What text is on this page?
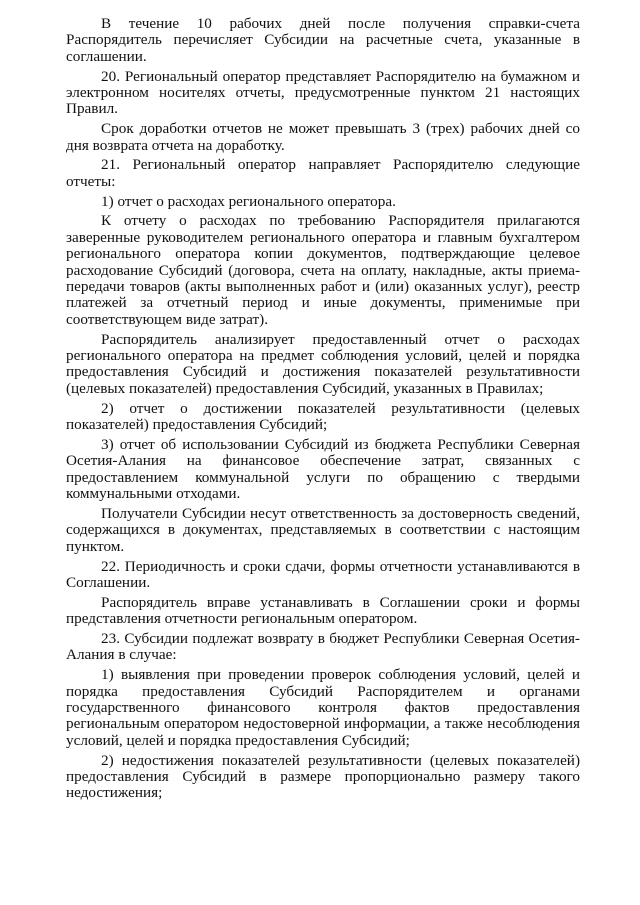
В течение 10 рабочих дней после получения справки-счета Распорядитель перечисляет Субсидии на расчетные счета, указанные в соглашении.

20. Региональный оператор представляет Распорядителю на бумажном и электронном носителях отчеты, предусмотренные пунктом 21 настоящих Правил.

Срок доработки отчетов не может превышать 3 (трех) рабочих дней со дня возврата отчета на доработку.

21. Региональный оператор направляет Распорядителю следующие отчеты:

1) отчет о расходах регионального оператора.

К отчету о расходах по требованию Распорядителя прилагаются заверенные руководителем регионального оператора и главным бухгалтером регионального оператора копии документов, подтверждающие целевое расходование Субсидий (договора, счета на оплату, накладные, акты приема-передачи товаров (акты выполненных работ и (или) оказанных услуг), реестр платежей за отчетный период и иные документы, применимые при соответствующем виде затрат).

Распорядитель анализирует предоставленный отчет о расходах регионального оператора на предмет соблюдения условий, целей и порядка предоставления Субсидий и достижения показателей результативности (целевых показателей) предоставления Субсидий, указанных в Правилах;

2) отчет о достижении показателей результативности (целевых показателей) предоставления Субсидий;

3) отчет об использовании Субсидий из бюджета Республики Северная Осетия-Алания на финансовое обеспечение затрат, связанных с предоставлением коммунальной услуги по обращению с твердыми коммунальными отходами.

Получатели Субсидии несут ответственность за достоверность сведений, содержащихся в документах, представляемых в соответствии с настоящим пунктом.

22. Периодичность и сроки сдачи, формы отчетности устанавливаются в Соглашении.

Распорядитель вправе устанавливать в Соглашении сроки и формы представления отчетности региональным оператором.

23. Субсидии подлежат возврату в бюджет Республики Северная Осетия-Алания в случае:

1) выявления при проведении проверок соблюдения условий, целей и порядка предоставления Субсидий Распорядителем и органами государственного финансового контроля фактов предоставления региональным оператором недостоверной информации, а также несоблюдения условий, целей и порядка предоставления Субсидий;

2) недостижения показателей результативности (целевых показателей) предоставления Субсидий в размере пропорционально размеру такого недостижения;
